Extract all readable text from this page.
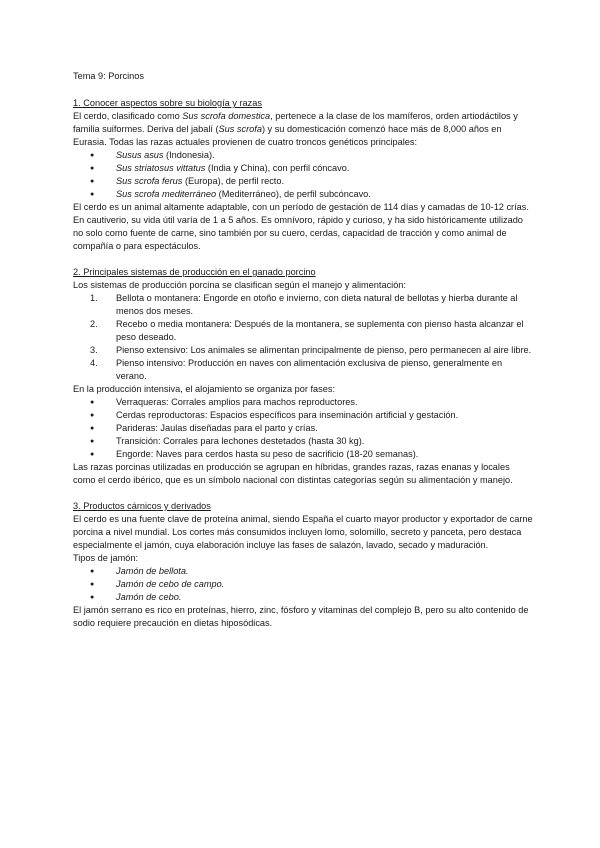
Tema 9: Porcinos
1. Conocer aspectos sobre su biología y razas
El cerdo, clasificado como Sus scrofa domestica, pertenece a la clase de los mamíferos, orden artiodáctilos y familia suiformes. Deriva del jabalí (Sus scrofa) y su domesticación comenzó hace más de 8,000 años en Eurasia. Todas las razas actuales provienen de cuatro troncos genéticos principales:
● Susus asus (Indonesia).
● Sus striatosus vittatus (India y China), con perfil cóncavo.
● Sus scrofa ferus (Europa), de perfil recto.
● Sus scrofa mediterráneo (Mediterráneo), de perfil subcóncavo.
El cerdo es un animal altamente adaptable, con un período de gestación de 114 días y camadas de 10-12 crías. En cautiverio, su vida útil varía de 1 a 5 años. Es omnívoro, rápido y curioso, y ha sido históricamente utilizado no solo como fuente de carne, sino también por su cuero, cerdas, capacidad de tracción y como animal de compañía o para espectáculos.
2. Principales sistemas de producción en el ganado porcino
Los sistemas de producción porcina se clasifican según el manejo y alimentación:
1. Bellota o montanera: Engorde en otoño e invierno, con dieta natural de bellotas y hierba durante al menos dos meses.
2. Recebo o media montanera: Después de la montanera, se suplementa con pienso hasta alcanzar el peso deseado.
3. Pienso extensivo: Los animales se alimentan principalmente de pienso, pero permanecen al aire libre.
4. Pienso intensivo: Producción en naves con alimentación exclusiva de pienso, generalmente en verano.
En la producción intensiva, el alojamiento se organiza por fases:
● Verraqueras: Corrales amplios para machos reproductores.
● Cerdas reproductoras: Espacios específicos para inseminación artificial y gestación.
● Parideras: Jaulas diseñadas para el parto y crías.
● Transición: Corrales para lechones destetados (hasta 30 kg).
● Engorde: Naves para cerdos hasta su peso de sacrificio (18-20 semanas).
Las razas porcinas utilizadas en producción se agrupan en híbridas, grandes razas, razas enanas y locales como el cerdo ibérico, que es un símbolo nacional con distintas categorías según su alimentación y manejo.
3. Productos cárnicos y derivados
El cerdo es una fuente clave de proteína animal, siendo España el cuarto mayor productor y exportador de carne porcina a nivel mundial. Los cortes más consumidos incluyen lomo, solomillo, secreto y panceta, pero destaca especialmente el jamón, cuya elaboración incluye las fases de salazón, lavado, secado y maduración.
Tipos de jamón:
● Jamón de bellota.
● Jamón de cebo de campo.
● Jamón de cebo.
El jamón serrano es rico en proteínas, hierro, zinc, fósforo y vitaminas del complejo B, pero su alto contenido de sodio requiere precaución en dietas hiposódicas.
